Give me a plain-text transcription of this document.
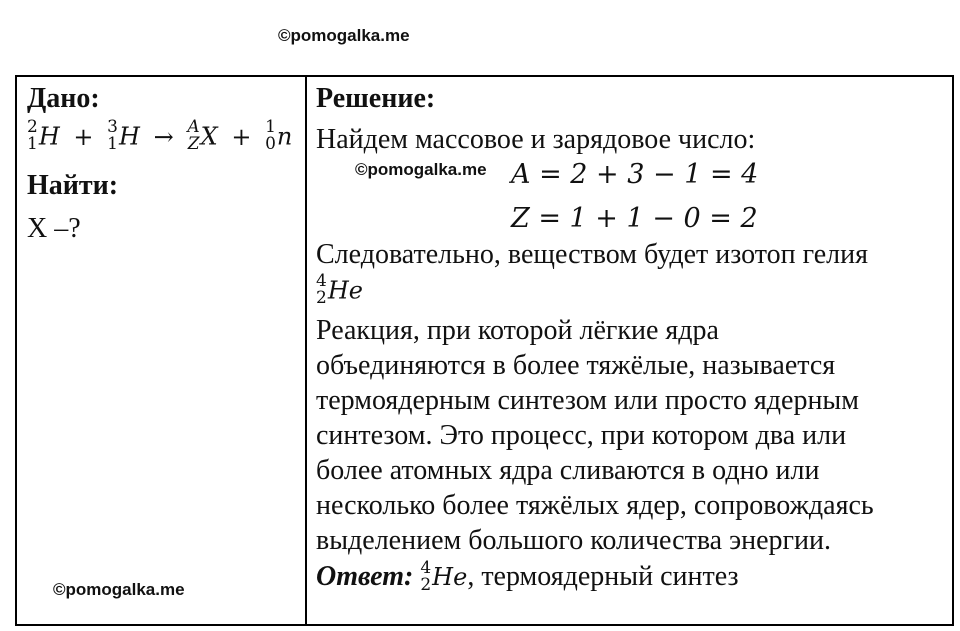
©pomogalka.me
Дано:
2
1 H + 3
1 H → A
Z X + 1
0 n
Найти:
X –?
Решение:
Найдем массовое и зарядовое число:
A = 2 + 3 − 1 = 4
Z = 1 + 1 − 0 = 2
Следовательно, веществом будет изотоп гелия
4
2 He
Реакция, при которой лёгкие ядра
объединяются в более тяжёлые, называется
термоядерным синтезом или просто ядерным
синтезом. Это процесс, при котором два или
более атомных ядра сливаются в одно или
несколько более тяжёлых ядер, сопровождаясь
выделением большого количества энергии.
Ответ: 4
2 He, термоядерный синтез
©pomogalka.me
©pomogalka.me
